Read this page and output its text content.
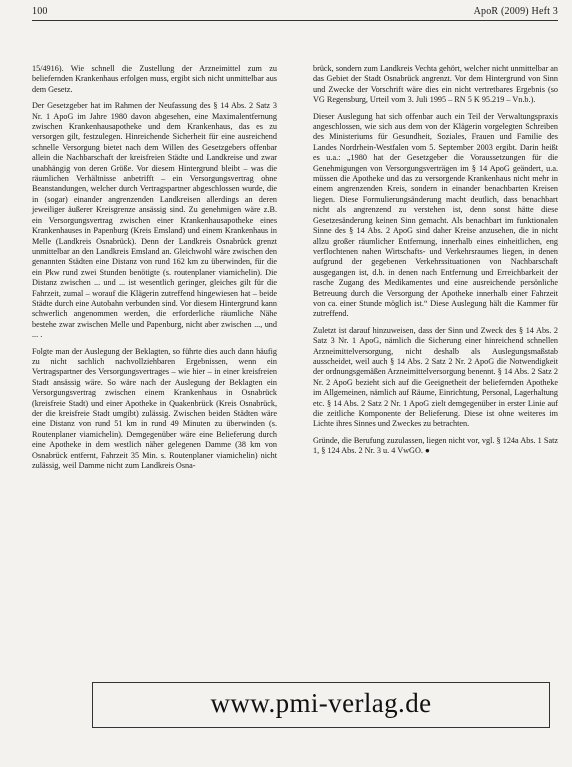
100	ApoR (2009) Heft 3

15/4916). Wie schnell die Zustellung der Arzneimittel zum zu beliefernden Krankenhaus erfolgen muss, ergibt sich nicht unmittelbar aus dem Gesetz.

Der Gesetzgeber hat im Rahmen der Neufassung des § 14 Abs. 2 Satz 3 Nr. 1 ApoG im Jahre 1980 davon abgesehen, eine Maximalentfernung zwischen Krankenhausapotheke und dem Krankenhaus, das es zu versorgen gilt, festzulegen. Hinreichende Sicherheit für eine ausreichend schnelle Versorgung bietet nach dem Willen des Gesetzgebers offenbar allein die Nachbarschaft der kreisfreien Städte und Landkreise und zwar unabhängig von deren Größe. Vor diesem Hintergrund bleibt – was die räumlichen Verhältnisse anbetrifft – ein Versorgungsvertrag ohne Beanstandungen, welcher durch Vertragspartner abgeschlossen wurde, die in (sogar) einander angrenzenden Landkreisen allerdings an deren jeweiliger äußerer Kreisgrenze ansässig sind. Zu genehmigen wäre z.B. ein Versorgungsvertrag zwischen einer Krankenhausapotheke eines Krankenhauses in Papenburg (Kreis Emsland) und einem Krankenhaus in Melle (Landkreis Osnabrück). Denn der Landkreis Osnabrück grenzt unmittelbar an den Landkreis Emsland an. Gleichwohl wäre zwischen den genannten Städten eine Distanz von rund 162 km zu überwinden, für die ein Pkw rund zwei Stunden benötigte (s. routenplaner viamichelin). Die Distanz zwischen ... und ... ist wesentlich geringer, gleiches gilt für die Fahrzeit, zumal – worauf die Klägerin zutreffend hingewiesen hat – beide Städte durch eine Autobahn verbunden sind. Vor diesem Hintergrund kann schwerlich angenommen werden, die erforderliche räumliche Nähe bestehe zwar zwischen Melle und Papenburg, nicht aber zwischen ..., und ... .

Folgte man der Auslegung der Beklagten, so führte dies auch dann häufig zu nicht sachlich nachvollziehbaren Ergebnissen, wenn ein Vertragspartner des Versorgungsvertrages – wie hier – in einer kreisfreien Stadt ansässig wäre. So wäre nach der Auslegung der Beklagten ein Versorgungsvertrag zwischen einem Krankenhaus in Osnabrück (kreisfreie Stadt) und einer Apotheke in Quakenbrück (Kreis Osnabrück, der die kreisfreie Stadt umgibt) zulässig. Zwischen beiden Städten wäre eine Distanz von rund 51 km in rund 49 Minuten zu überwinden (s. Routenplaner viamichelin). Demgegenüber wäre eine Belieferung durch eine Apotheke in dem westlich näher gelegenen Damme (38 km von Osnabrück entfernt, Fahrzeit 35 Min. s. Routenplaner viamichelin) nicht zulässig, weil Damme nicht zum Landkreis Osna-

brück, sondern zum Landkreis Vechta gehört, welcher nicht unmittelbar an das Gebiet der Stadt Osnabrück angrenzt. Vor dem Hintergrund von Sinn und Zwecke der Vorschrift wäre dies ein nicht vertretbares Ergebnis (so VG Regensburg, Urteil vom 3. Juli 1995 – RN 5 K 95.219 – Vn.b.).

Dieser Auslegung hat sich offenbar auch ein Teil der Verwaltungspraxis angeschlossen, wie sich aus dem von der Klägerin vorgelegten Schreiben des Ministeriums für Gesundheit, Soziales, Frauen und Familie des Landes Nordrhein-Westfalen vom 5. September 2003 ergibt. Darin heißt es u.a.: „1980 hat der Gesetzgeber die Voraussetzungen für die Genehmigungen von Versorgungsverträgen im § 14 ApoG geändert, u.a. müssen die Apotheke und das zu versorgende Krankenhaus nicht mehr in einem angrenzenden Kreis, sondern in einander benachbarten Kreisen liegen. Diese Formulierungsänderung macht deutlich, dass benachbart nicht als angrenzend zu verstehen ist, denn sonst hätte diese Gesetzesänderung keinen Sinn gemacht. Als benachbart im funktionalen Sinne des § 14 Abs. 2 ApoG sind daher Kreise anzusehen, die in nicht allzu großer räumlicher Entfernung, innerhalb eines einheitlichen, eng verflochtenen nahen Wirtschafts- und Verkehrsraumes liegen, in denen aufgrund der gegebenen Verkehrssituationen von Nachbarschaft ausgegangen ist, d.h. in denen nach Entfernung und Erreichbarkeit der rasche Zugang des Medikamentes und eine ausreichende persönliche Betreuung durch die Versorgung der Apotheke innerhalb einer Fahrzeit von ca. einer Stunde möglich ist.“ Diese Auslegung hält die Kammer für zutreffend.

Zuletzt ist darauf hinzuweisen, dass der Sinn und Zweck des § 14 Abs. 2 Satz 3 Nr. 1 ApoG, nämlich die Sicherung einer hinreichend schnellen Arzneimittelversorgung, nicht deshalb als Auslegungsmaßstab ausscheidet, weil auch § 14 Abs. 2 Satz 2 Nr. 2 ApoG die Notwendigkeit der ordnungsgemäßen Arzneimittelversorgung benennt. § 14 Abs. 2 Satz 2 Nr. 2 ApoG bezieht sich auf die Geeignetheit der beliefernden Apotheke im Allgemeinen, nämlich auf Räume, Einrichtung, Personal, Lagerhaltung etc. § 14 Abs. 2 Satz 2 Nr. 1 ApoG zielt demgegenüber in erster Linie auf die zeitliche Komponente der Belieferung. Diese ist ohne weiteres im Lichte ihres Sinnes und Zweckes zu betrachten.

Gründe, die Berufung zuzulassen, liegen nicht vor, vgl. § 124a Abs. 1 Satz 1, § 124 Abs. 2 Nr. 3 u. 4 VwGO. ●

www.pmi-verlag.de
